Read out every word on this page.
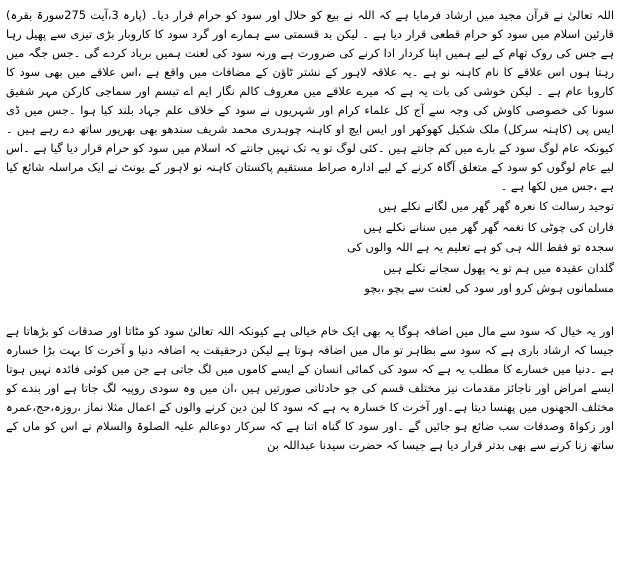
اللہ تعالیٰ نے قرآن مجید میں ارشاد فرمایا ہے کہ اللہ نے بیع کو حلال اور سود کو حرام قرار دیا۔ (پارہ 3،آیت 275سورۃ بقرہ) قارئین اسلام میں سود کو حرام قطعی قرار دیا ہے ۔ لیکن بد قسمتی سے ہمارے اور گرد سود کا کاروبار بڑی تیزی سے پھیل رہا ہے جس کی روک تھام کے لیے ہمیں اپنا کردار ادا کرنے کی ضرورت ہے ورنہ سود کی لعنت ہمیں برباد کردے گی ۔جس جگہ میں رہتا ہوں اس علاقے کا نام کاہنہ نو ہے ۔یہ علاقہ لاہور کے نشتر ٹاؤن کے مضافات میں واقع ہے ،اس علاقے میں بھی سود کا کاروبا عام ہے ۔ لیکن خوشی کی بات یہ ہے کہ میرے علاقے میں معروف کالم نگار ایم اے تبسم اور سماجی کارکن مہر شفیق سونا کی خصوصی کاوش کی وجہ سے آج کل علماء کرام اور شہریوں نے سود کے خلاف علم جہاد بلند کیا ہوا ۔جس میں ڈی ایس پی (کاہنہ سرکل) ملک شکیل کھوکھر اور ایس ایچ او کاہنہ چوہدری محمد شریف سندھو بھی بھرپور ساتھ دے رہے ہیں ۔کیونکہ عام لوگ سود کے بارے میں کم جانتے ہیں ۔کئی لوگ تو یہ تک نہیں جانتے کہ اسلام میں سود کو حرام قرار دیا گیا ہے ۔اس لیے عام لوگوں کو سود کے متعلق آگاہ کرنے کے لیے ادارہ صراط مستقیم پاکستان کاہنہ نو لاہور کے یونٹ نے ایک مراسلہ شائع کیا ہے ،جس میں لکھا ہے ۔

توحید رسالت کا نعرہ گھر گھر میں لگانے نکلے ہیں
فاران کی چوٹی کا نغمہ گھر گھر میں سنانے نکلے ہیں
سجدہ تو فقط اللہ ہی کو ہے تعلیم یہ ہے اللہ والوں کی
گلدان عقیدہ میں ہم تو یہ پھول سجانے نکلے ہیں
مسلمانوں ہوش کرو اور سود کی لعنت سے بچو ،بچو

اور یہ خیال کہ سود سے مال میں اضافہ ہوگا یہ بھی ایک خام خیالی ہے کیونکہ اللہ تعالیٰ سود کو مٹاتا اور صدقات کو بڑھاتا ہے جیسا کہ ارشاد باری ہے کہ سود سے بظاہر تو مال میں اضافہ ہوتا ہے لیکن درحقیقت یہ اضافہ دنیا و آخرت کا بہت بڑا خسارہ ہے ۔دنیا میں خسارے کا مطلب یہ ہے کہ سود کی کمائی انسان کے ایسے کاموں میں لگ جاتی ہے جن میں کوئی فائدہ نہیں ہوتا ایسے امراض اور ناجائز مقدمات نیز مختلف قسم کی جو حادثاتی صورتیں ہیں ،ان میں وہ سودی روپیہ لگ جاتا ہے اور بندے کو مختلف الجھنوں میں پھنسا دیتا ہے۔اور آخرت کا خسارہ یہ ہے کہ سود کا لین دین کرنے والوں کے اعمال مثلا نماز ،روزہ،حج،عمرہ اور زکواۃ وصدقات سب ضائع ہو جائیں گے ۔اور سود کا گناہ اتنا ہے کہ سرکار دوعالم علیہ الصلوۃ والسلام نے اس کو ماں کے ساتھ زنا کرنے سے بھی بدتر قرار دیا ہے جیسا کہ حضرت سیدنا عبداللہ بن
